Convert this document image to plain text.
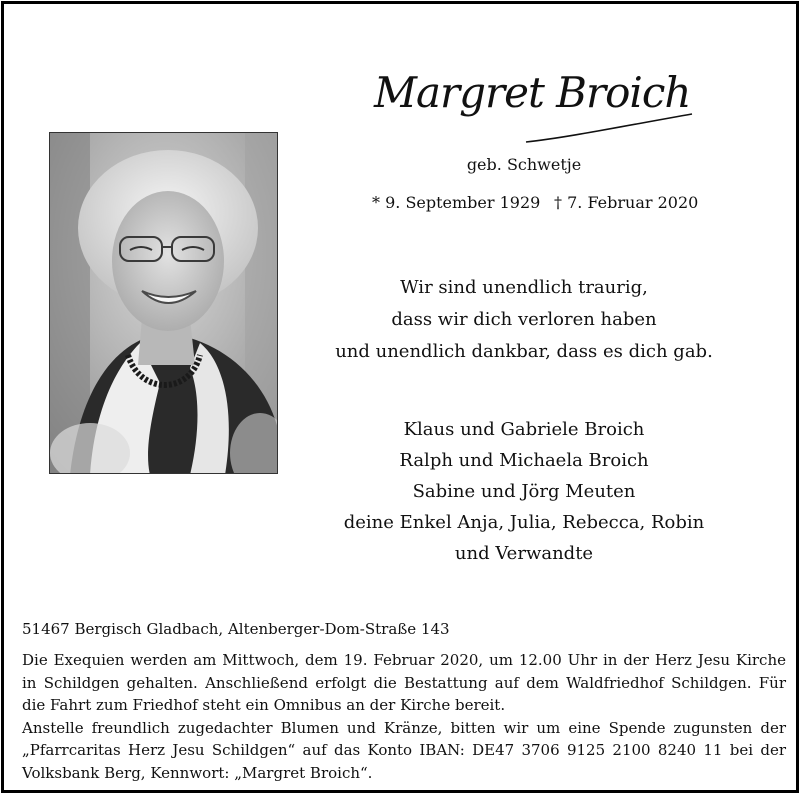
Margret Broich
geb. Schwetje
* 9. September 1929 † 7. Februar 2020
Wir sind unendlich traurig,
dass wir dich verloren haben
und unendlich dankbar, dass es dich gab.
Klaus und Gabriele Broich
Ralph und Michaela Broich
Sabine und Jörg Meuten
deine Enkel Anja, Julia, Rebecca, Robin
und Verwandte
51467 Bergisch Gladbach, Altenberger-Dom-Straße 143

Die Exequien werden am Mittwoch, dem 19. Februar 2020, um 12.00 Uhr in der Herz Jesu Kirche in Schildgen gehalten. Anschließend erfolgt die Bestattung auf dem Waldfriedhof Schildgen. Für die Fahrt zum Friedhof steht ein Omnibus an der Kirche bereit.

Anstelle freundlich zugedachter Blumen und Kränze, bitten wir um eine Spende zugunsten der „Pfarrcaritas Herz Jesu Schildgen“ auf das Konto IBAN: DE47 3706 9125 2100 8240 11 bei der Volksbank Berg, Kennwort: „Margret Broich“.
